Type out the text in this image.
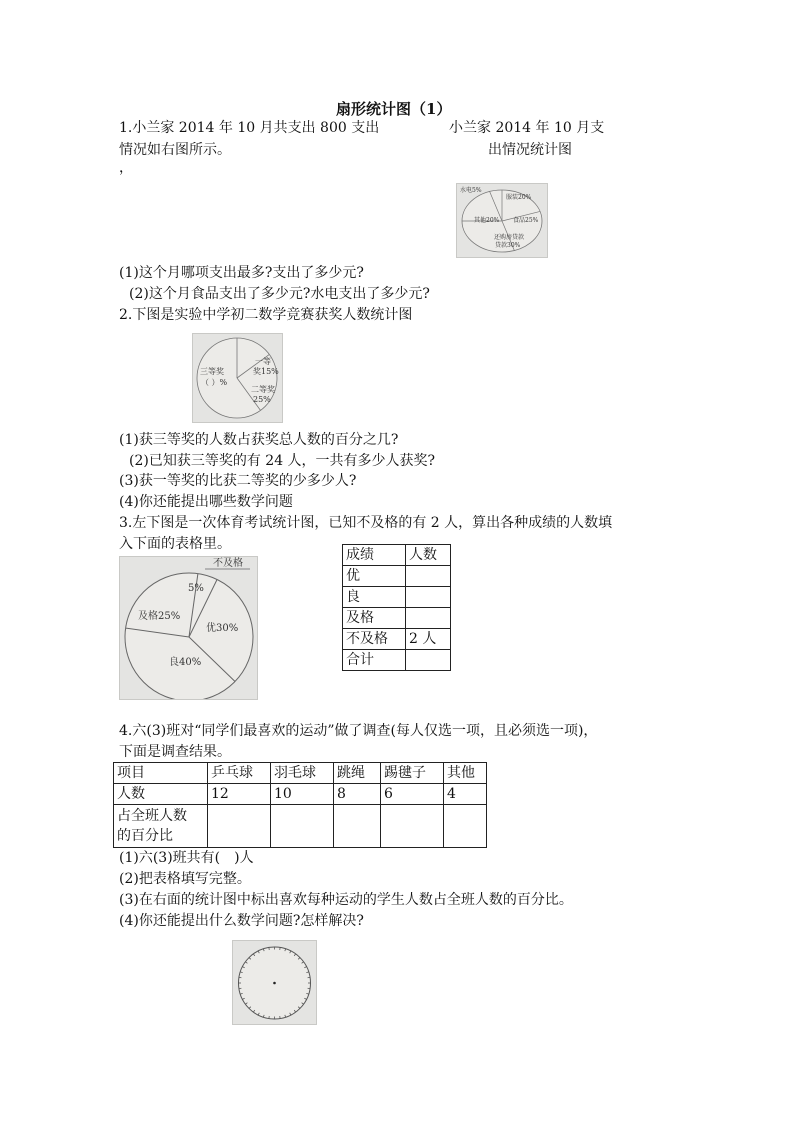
扇形统计图（1）
1.小兰家 2014 年 10 月共支出 800 支出	小兰家 2014 年 10 月支
情况如右图所示。	出情况统计图
，
水电5%
服装20%
食品25%
其他20%
还购房贷款
贷款30%
(1)这个月哪项支出最多?支出了多少元?
(2)这个月食品支出了多少元?水电支出了多少元?
2.下图是实验中学初二数学竞赛获奖人数统计图
三等奖
（ ）%
一等
奖15%
二等奖
25%
(1)获三等奖的人数占获奖总人数的百分之几?
(2)已知获三等奖的有 24 人，一共有多少人获奖?
(3)获一等奖的比获二等奖的少多少人?
(4)你还能提出哪些数学问题
3.左下图是一次体育考试统计图，已知不及格的有 2 人，算出各种成绩的人数填
入下面的表格里。
不及格
5%
优30%
良40%
及格25%
成绩	人数
优	
良	
及格	
不及格	2 人
合计	
4.六(3)班对“同学们最喜欢的运动”做了调查(每人仅选一项，且必须选一项)，
下面是调查结果。
项目	乒乓球	羽毛球	跳绳	踢毽子	其他
人数	12	10	8	6	4

占全班人数
的百分比					

(1)六(3)班共有(　)人
(2)把表格填写完整。
(3)在右面的统计图中标出喜欢每种运动的学生人数占全班人数的百分比。
(4)你还能提出什么数学问题?怎样解决?
